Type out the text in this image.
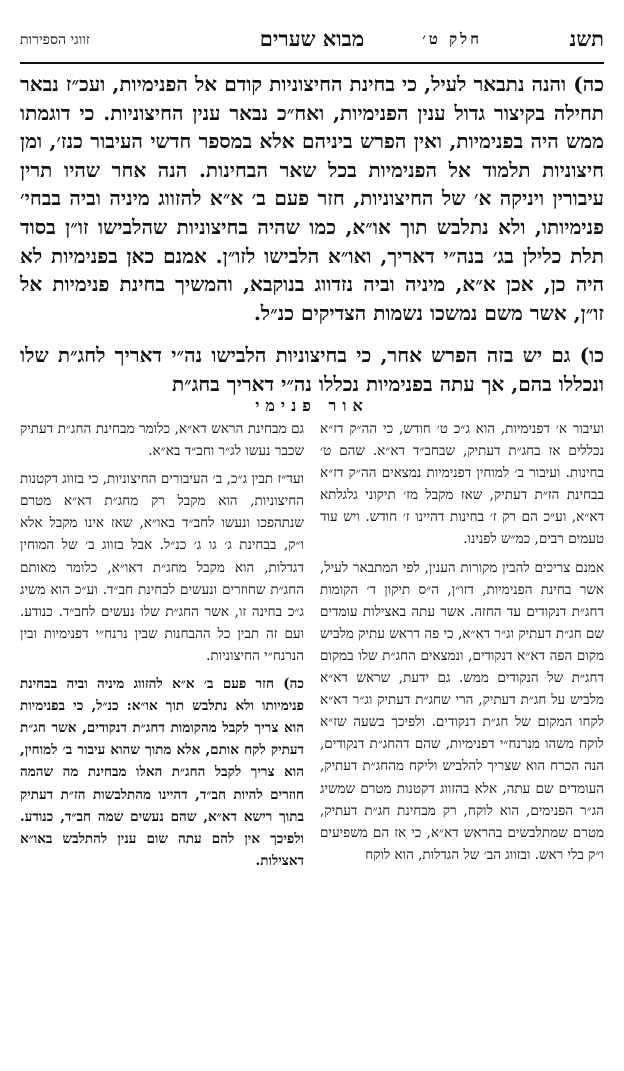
תשנ
חלק ט׳
מבוא שערים
זווגי הספירות

כה) והנה נתבאר לעיל, כי בחינת החיצוניות קודם אל הפנימיות, ועכ״ז נבאר תחילה בקיצור גדול ענין הפנימיות, ואח״כ נבאר ענין החיצוניות. כי דוגמתו ממש היה בפנימיות, ואין הפרש ביניהם אלא במספר חדשי העיבור כנז׳, ומן חיצוניות תלמוד אל הפנימיות בכל שאר הבחינות. הנה אחר שהיו תרין עיבורין ויניקה א׳ של החיצוניות, חזר פעם ב׳ א״א להזווג מיניה וביה בבחי׳ פנימיותו, ולא נתלבש תוך או״א, כמו שהיה בחיצוניות שהלבישו זו״ן בסוד תלת כלילן בג׳ בנה״י דאריך, ואו״א הלבישו לזו״ן. אמנם כאן בפנימיות לא היה כן, אכן א״א, מיניה וביה נזדווג בנוקבא, והמשיך בחינת פנימיות אל זו״ן, אשר משם נמשכו נשמות הצדיקים כנ״ל.

כו) גם יש בזה הפרש אחר, כי בחיצוניות הלבישו נה״י דאריך לחג״ת שלו ונכללו בהם, אך עתה בפנימיות נכללו נה״י דאריך בחג״ת

אור פנימי

ועיבור א׳ דפנימיות, הוא ג״כ ט׳ חודש, כי הה״ק דז״א נכללים אז בחג״ת דעתיק, שבחב״ד דא״א. שהם ט׳ בחינות. ועיבור ב׳ למוחין דפנימיות נמצאים הה״ק דז״א בבחינת הז״ת דעתיק, שאז מקבל מז׳ תיקוני גלגלתא דא״א, וע״כ הם רק ז׳ בחינות דהיינו ז׳ חודש. ויש עוד טעמים רבים, כמ״ש לפנינו.

אמנם צריכים להבין מקורות הענין, לפי המתבאר לעיל, אשר בחינת הפנימיות, דזו״ן, ה״ס תיקון ד׳ הקומות דחג״ת דנקודים עד החזה. אשר עתה באצילות עומדים שם חג״ת דעתיק וג״ר דא״א, כי פה דראש עתיק מלביש מקום הפה דא״א דנקודים, ונמצאים החג״ת שלו במקום דחג״ת של הנקודים ממש. גם ידעת, שראש דא״א מלביש על חג״ת דעתיק, הרי שחג״ת דעתיק וג״ר דא״א לקחו המקום של חג״ת דנקודים. ולפיכך בשעה שז״א לוקח משהו מנרנח״י דפנימיות, שהם דהחג״ת דנקודים, הנה הכרח הוא שצריך להלביש וליקח מהחג״ת דעתיק, העומדים שם עתה, אלא בהזווג דקטנות מטרם שמשיג הג״ר הפנימים, הוא לוקח, רק מבחינת חג״ת דעתיק, מטרם שמתלבשים בהראש דא״א, כי אז הם משפיעים ו״ק בלי ראש. ובזווג הב׳ של הגדלות, הוא לוקח

גם מבחינת הראש דא״א, כלומר מבחינת החג״ת דעתיק שכבר נעשו לג״ר וחב״ד בא״א.

ועד״ז תבין ג״כ, ב׳ העיבורים החיצוניות, כי בזווג דקטנות החיצוניות, הוא מקבל רק מחג״ת דא״א מטרם שנתהפכו ונעשו לחב״ד באו״א, שאז אינו מקבל אלא ו״ק, בבחינת ג׳ גו ג׳ כנ״ל. אבל בזווג ב׳ של המוחין דגדלות, הוא מקבל מחג״ת דאו״א, כלומר מאותם החג״ת שחוזרים ונעשים לבחינת חב״ד. וע״כ הוא משיג ג״כ בחינה זו, אשר החג״ת שלו נעשים לחב״ד. כנודע. ועם זה תבין כל ההבחנות שבין נרנח״י דפנימיות ובין הנרנח״י החיצוניות.

כה) חזר פעם ב׳ א״א להזווג מיניה וביה בבחינת פנימיותו ולא נתלבש תוך או״א: כנ״ל, כי בפנימיות הוא צריך לקבל מהקומות דחג״ת דנקודים, אשר חג״ת דעתיק לקח אותם, אלא מתוך שהוא עיבור ב׳ למוחין, הוא צריך לקבל החג״ת האלו מבחינת מה שהמה חוזרים להיות חב״ד, דהיינו מהתלבשות הז״ת דעתיק בתוך רישא דא״א, שהם נעשים שמה חב״ד, כנודע. ולפיכך אין להם עתה שום ענין להתלבש באו״א דאצילות.
